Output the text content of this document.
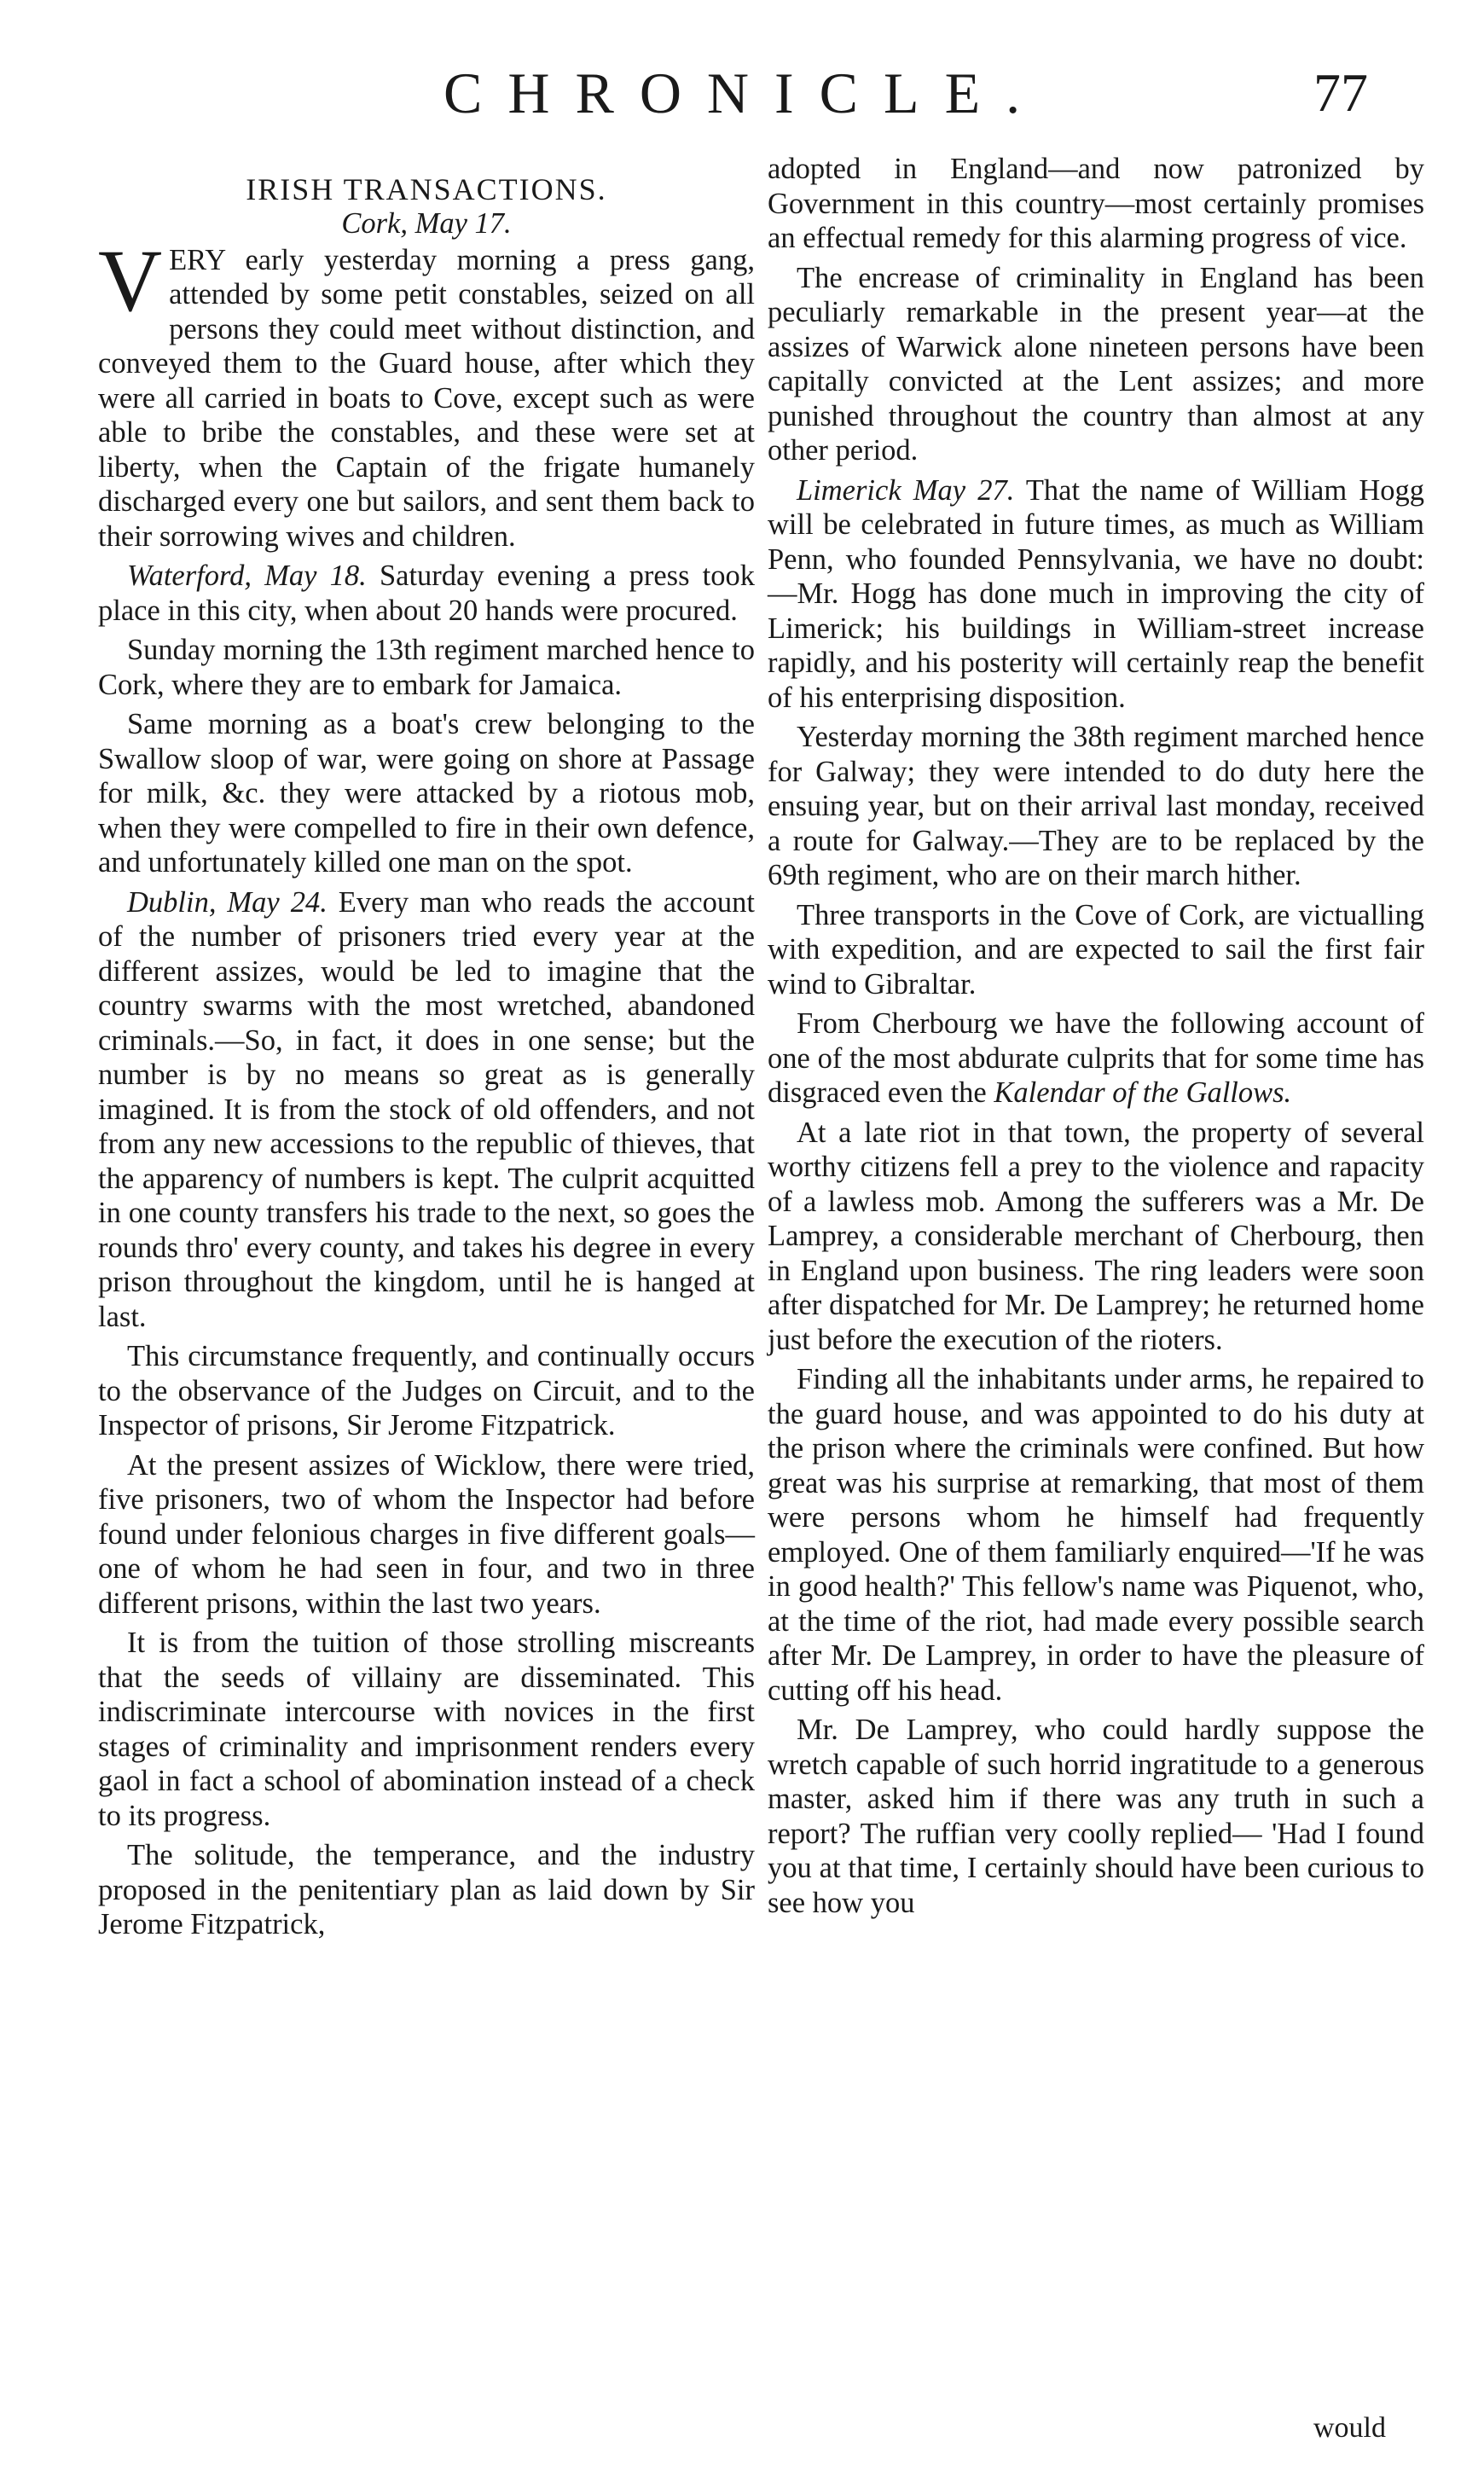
CHRONICLE.	77
IRISH TRANSACTIONS.
Cork, May 17.

VERY early yesterday morning a press gang, attended by some petit constables, seized on all persons they could meet without distinction, and conveyed them to the Guard house, after which they were all carried in boats to Cove, except such as were able to bribe the constables, and these were set at liberty, when the Captain of the frigate humanely discharged every one but sailors, and sent them back to their sorrowing wives and children.

Waterford, May 18. Saturday evening a press took place in this city, when about 20 hands were procured.

Sunday morning the 13th regiment marched hence to Cork, where they are to embark for Jamaica.

Same morning as a boat's crew belonging to the Swallow sloop of war, were going on shore at Passage for milk, &c. they were attacked by a riotous mob, when they were compelled to fire in their own defence, and unfortunately killed one man on the spot.

Dublin, May 24. Every man who reads the account of the number of prisoners tried every year at the different assizes, would be led to imagine that the country swarms with the most wretched, abandoned criminals.—So, in fact, it does in one sense; but the number is by no means so great as is generally imagined. It is from the stock of old offenders, and not from any new accessions to the republic of thieves, that the apparency of numbers is kept. The culprit acquitted in one county transfers his trade to the next, so goes the rounds thro' every county, and takes his degree in every prison throughout the kingdom, until he is hanged at last.

This circumstance frequently, and continually occurs to the observance of the Judges on Circuit, and to the Inspector of prisons, Sir Jerome Fitzpatrick.

At the present assizes of Wicklow, there were tried, five prisoners, two of whom the Inspector had before found under felonious charges in five different goals—one of whom he had seen in four, and two in three different prisons, within the last two years.

It is from the tuition of those strolling miscreants that the seeds of villainy are disseminated. This indiscriminate intercourse with novices in the first stages of criminality and imprisonment renders every gaol in fact a school of abomination instead of a check to its progress.

The solitude, the temperance, and the industry proposed in the penitentiary plan as laid down by Sir Jerome Fitzpatrick,

adopted in England—and now patronized by Government in this country—most certainly promises an effectual remedy for this alarming progress of vice.

The encrease of criminality in England has been peculiarly remarkable in the present year—at the assizes of Warwick alone nineteen persons have been capitally convicted at the Lent assizes; and more punished throughout the country than almost at any other period.

Limerick May 27. That the name of William Hogg will be celebrated in future times, as much as William Penn, who founded Pennsylvania, we have no doubt: —Mr. Hogg has done much in improving the city of Limerick; his buildings in William-street increase rapidly, and his posterity will certainly reap the benefit of his enterprising disposition.

Yesterday morning the 38th regiment marched hence for Galway; they were intended to do duty here the ensuing year, but on their arrival last monday, received a route for Galway.—They are to be replaced by the 69th regiment, who are on their march hither.

Three transports in the Cove of Cork, are victualling with expedition, and are expected to sail the first fair wind to Gibraltar.

From Cherbourg we have the following account of one of the most abdurate culprits that for some time has disgraced even the Kalendar of the Gallows.

At a late riot in that town, the property of several worthy citizens fell a prey to the violence and rapacity of a lawless mob. Among the sufferers was a Mr. De Lamprey, a considerable merchant of Cherbourg, then in England upon business. The ring leaders were soon after dispatched for Mr. De Lamprey; he returned home just before the execution of the rioters.

Finding all the inhabitants under arms, he repaired to the guard house, and was appointed to do his duty at the prison where the criminals were confined. But how great was his surprise at remarking, that most of them were persons whom he himself had frequently employed. One of them familiarly enquired—'If he was in good health?' This fellow's name was Piquenot, who, at the time of the riot, had made every possible search after Mr. De Lamprey, in order to have the pleasure of cutting off his head.

Mr. De Lamprey, who could hardly suppose the wretch capable of such horrid ingratitude to a generous master, asked him if there was any truth in such a report? The ruffian very coolly replied— 'Had I found you at that time, I certainly should have been curious to see how you

would
